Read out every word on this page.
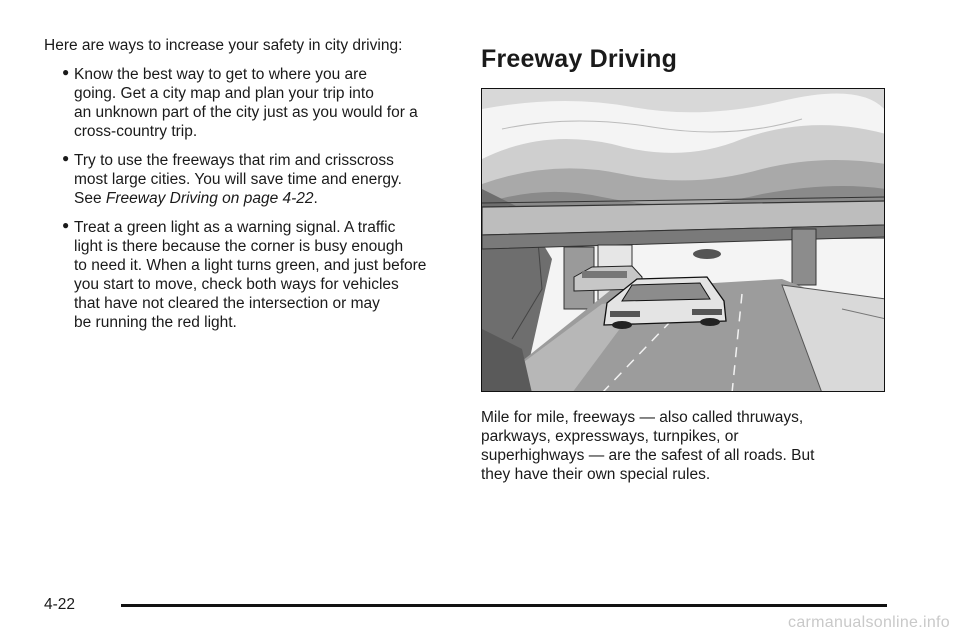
Here are ways to increase your safety in city driving:

● Know the best way to get to where you are
going. Get a city map and plan your trip into
an unknown part of the city just as you would for a
cross-country trip.
● Try to use the freeways that rim and crisscross
most large cities. You will save time and energy.
See Freeway Driving on page 4-22.
● Treat a green light as a warning signal. A traffic
light is there because the corner is busy enough
to need it. When a light turns green, and just before
you start to move, check both ways for vehicles
that have not cleared the intersection or may
be running the red light.
Freeway Driving
Mile for mile, freeways — also called thruways,
parkways, expressways, turnpikes, or
superhighways — are the safest of all roads. But
they have their own special rules.
4-22
carmanualsonline.info
